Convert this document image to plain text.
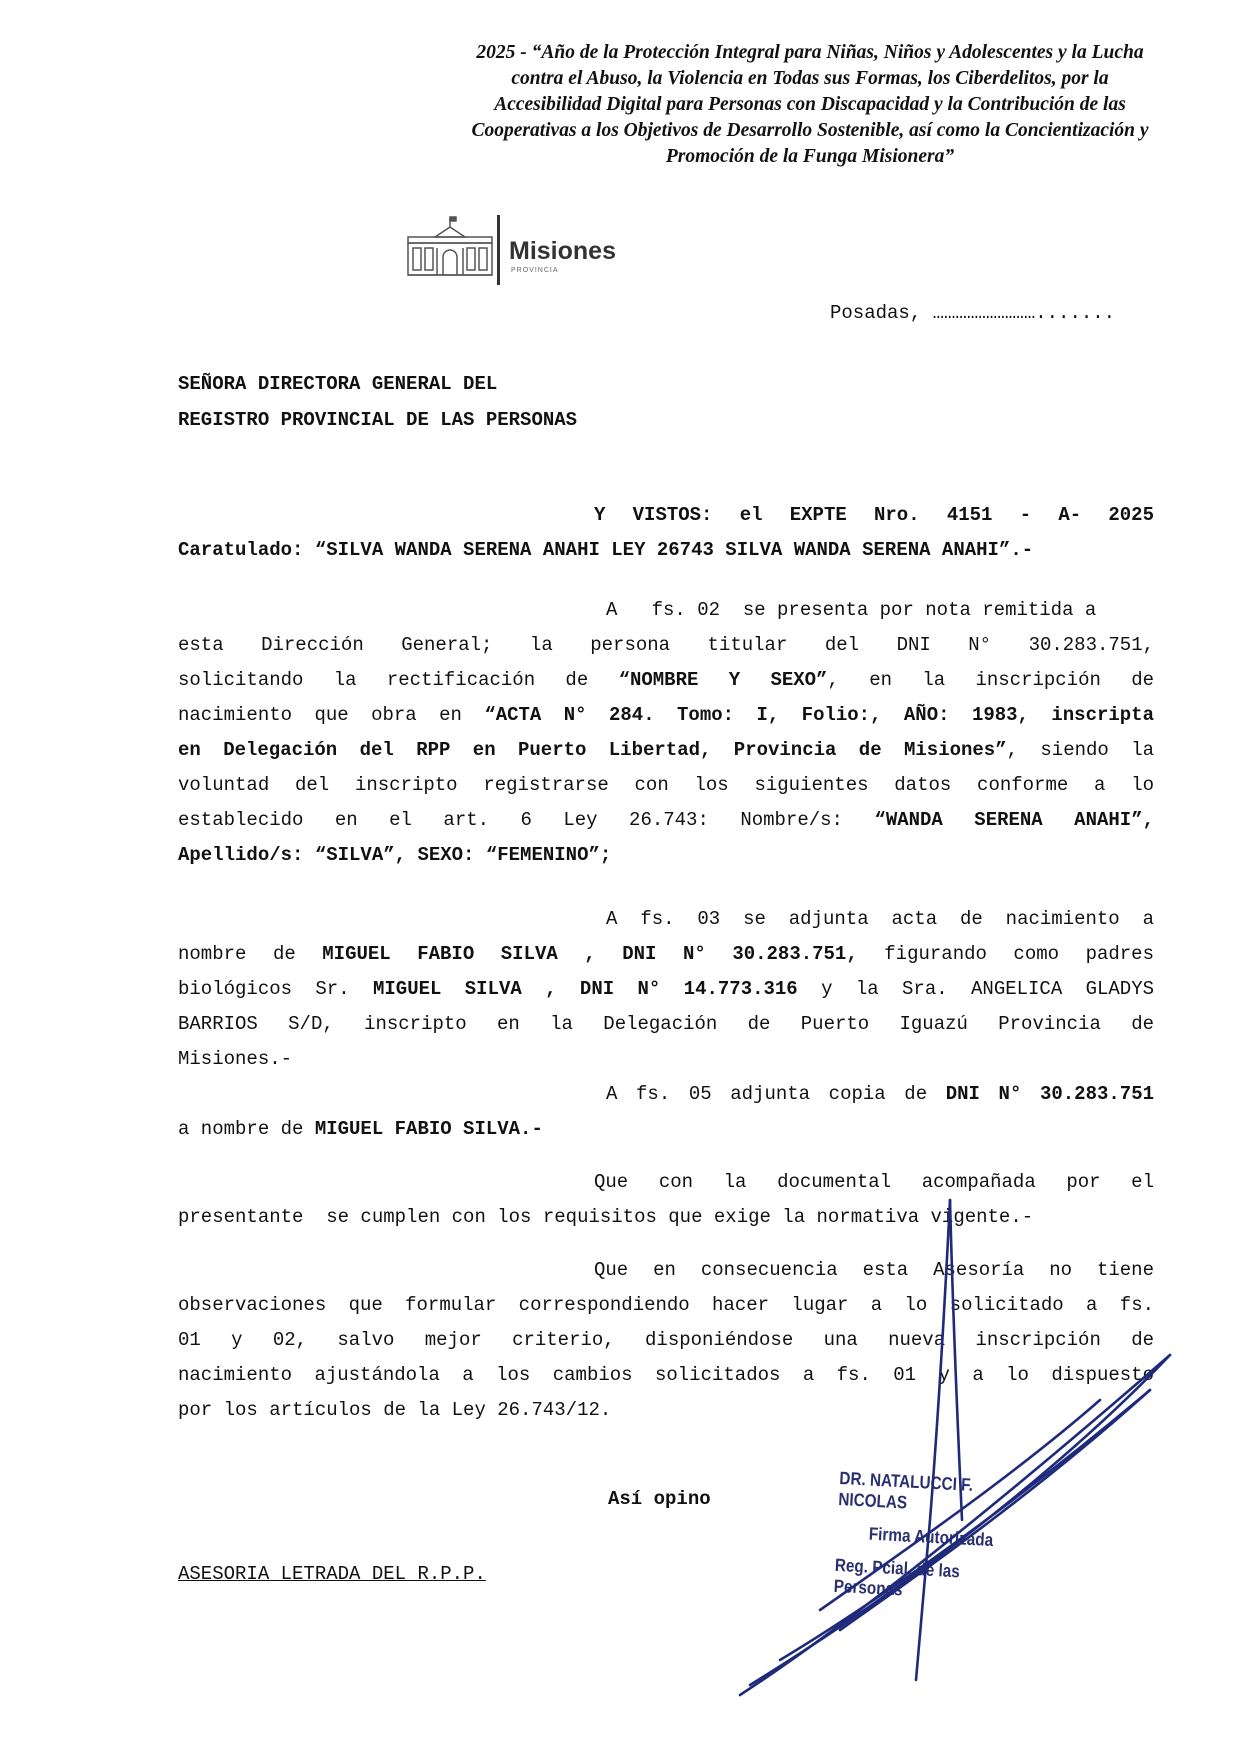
2025 - “Año de la Protección Integral para Niñas, Niños y Adolescentes y la Lucha
contra el Abuso, la Violencia en Todas sus Formas, los Ciberdelitos, por la
Accesibilidad Digital para Personas con Discapacidad y la Contribución de las
Cooperativas a los Objetivos de Desarrollo Sostenible, así como la Concientización y
Promoción de la Funga Misionera”
Misiones
PROVINCIA
Posadas, ……………………….......
SEÑORA DIRECTORA GENERAL DEL
REGISTRO PROVINCIAL DE LAS PERSONAS
Y VISTOS: el EXPTE Nro. 4151 - A- 2025
Caratulado: “SILVA WANDA SERENA ANAHI LEY 26743 SILVA WANDA SERENA ANAHI”.-
A   fs. 02  se presenta por nota remitida a
esta Dirección General; la persona titular del DNI N° 30.283.751,
solicitando la rectificación de “NOMBRE Y SEXO”, en la inscripción de
nacimiento que obra en “ACTA N° 284. Tomo: I, Folio:, AÑO: 1983, inscripta
en Delegación del RPP en Puerto Libertad, Provincia de Misiones”, siendo la
voluntad del inscripto registrarse con los siguientes datos conforme a lo
establecido en el art. 6 Ley 26.743: Nombre/s: “WANDA SERENA ANAHI”,
Apellido/s: “SILVA”, SEXO: “FEMENINO”;
A fs. 03 se adjunta acta de nacimiento a
nombre de MIGUEL FABIO SILVA , DNI N° 30.283.751, figurando como padres
biológicos Sr. MIGUEL SILVA , DNI N° 14.773.316 y la Sra. ANGELICA GLADYS
BARRIOS S/D, inscripto en la Delegación de Puerto Iguazú Provincia de
Misiones.-
A fs. 05 adjunta copia de DNI N° 30.283.751
a nombre de MIGUEL FABIO SILVA.-
Que con la documental acompañada por el
presentante  se cumplen con los requisitos que exige la normativa vigente.-
Que en consecuencia esta Asesoría no tiene
observaciones que formular correspondiendo hacer lugar a lo solicitado a fs.
01 y 02, salvo mejor criterio, disponiéndose una nueva inscripción de
nacimiento ajustándola a los cambios solicitados a fs. 01 y a lo dispuesto
por los artículos de la Ley 26.743/12.
Así opino
ASESORIA LETRADA DEL R.P.P.
DR. NATALUCCI F. NICOLAS
Firma Autorizada
Reg. Pcial. de las Personas
